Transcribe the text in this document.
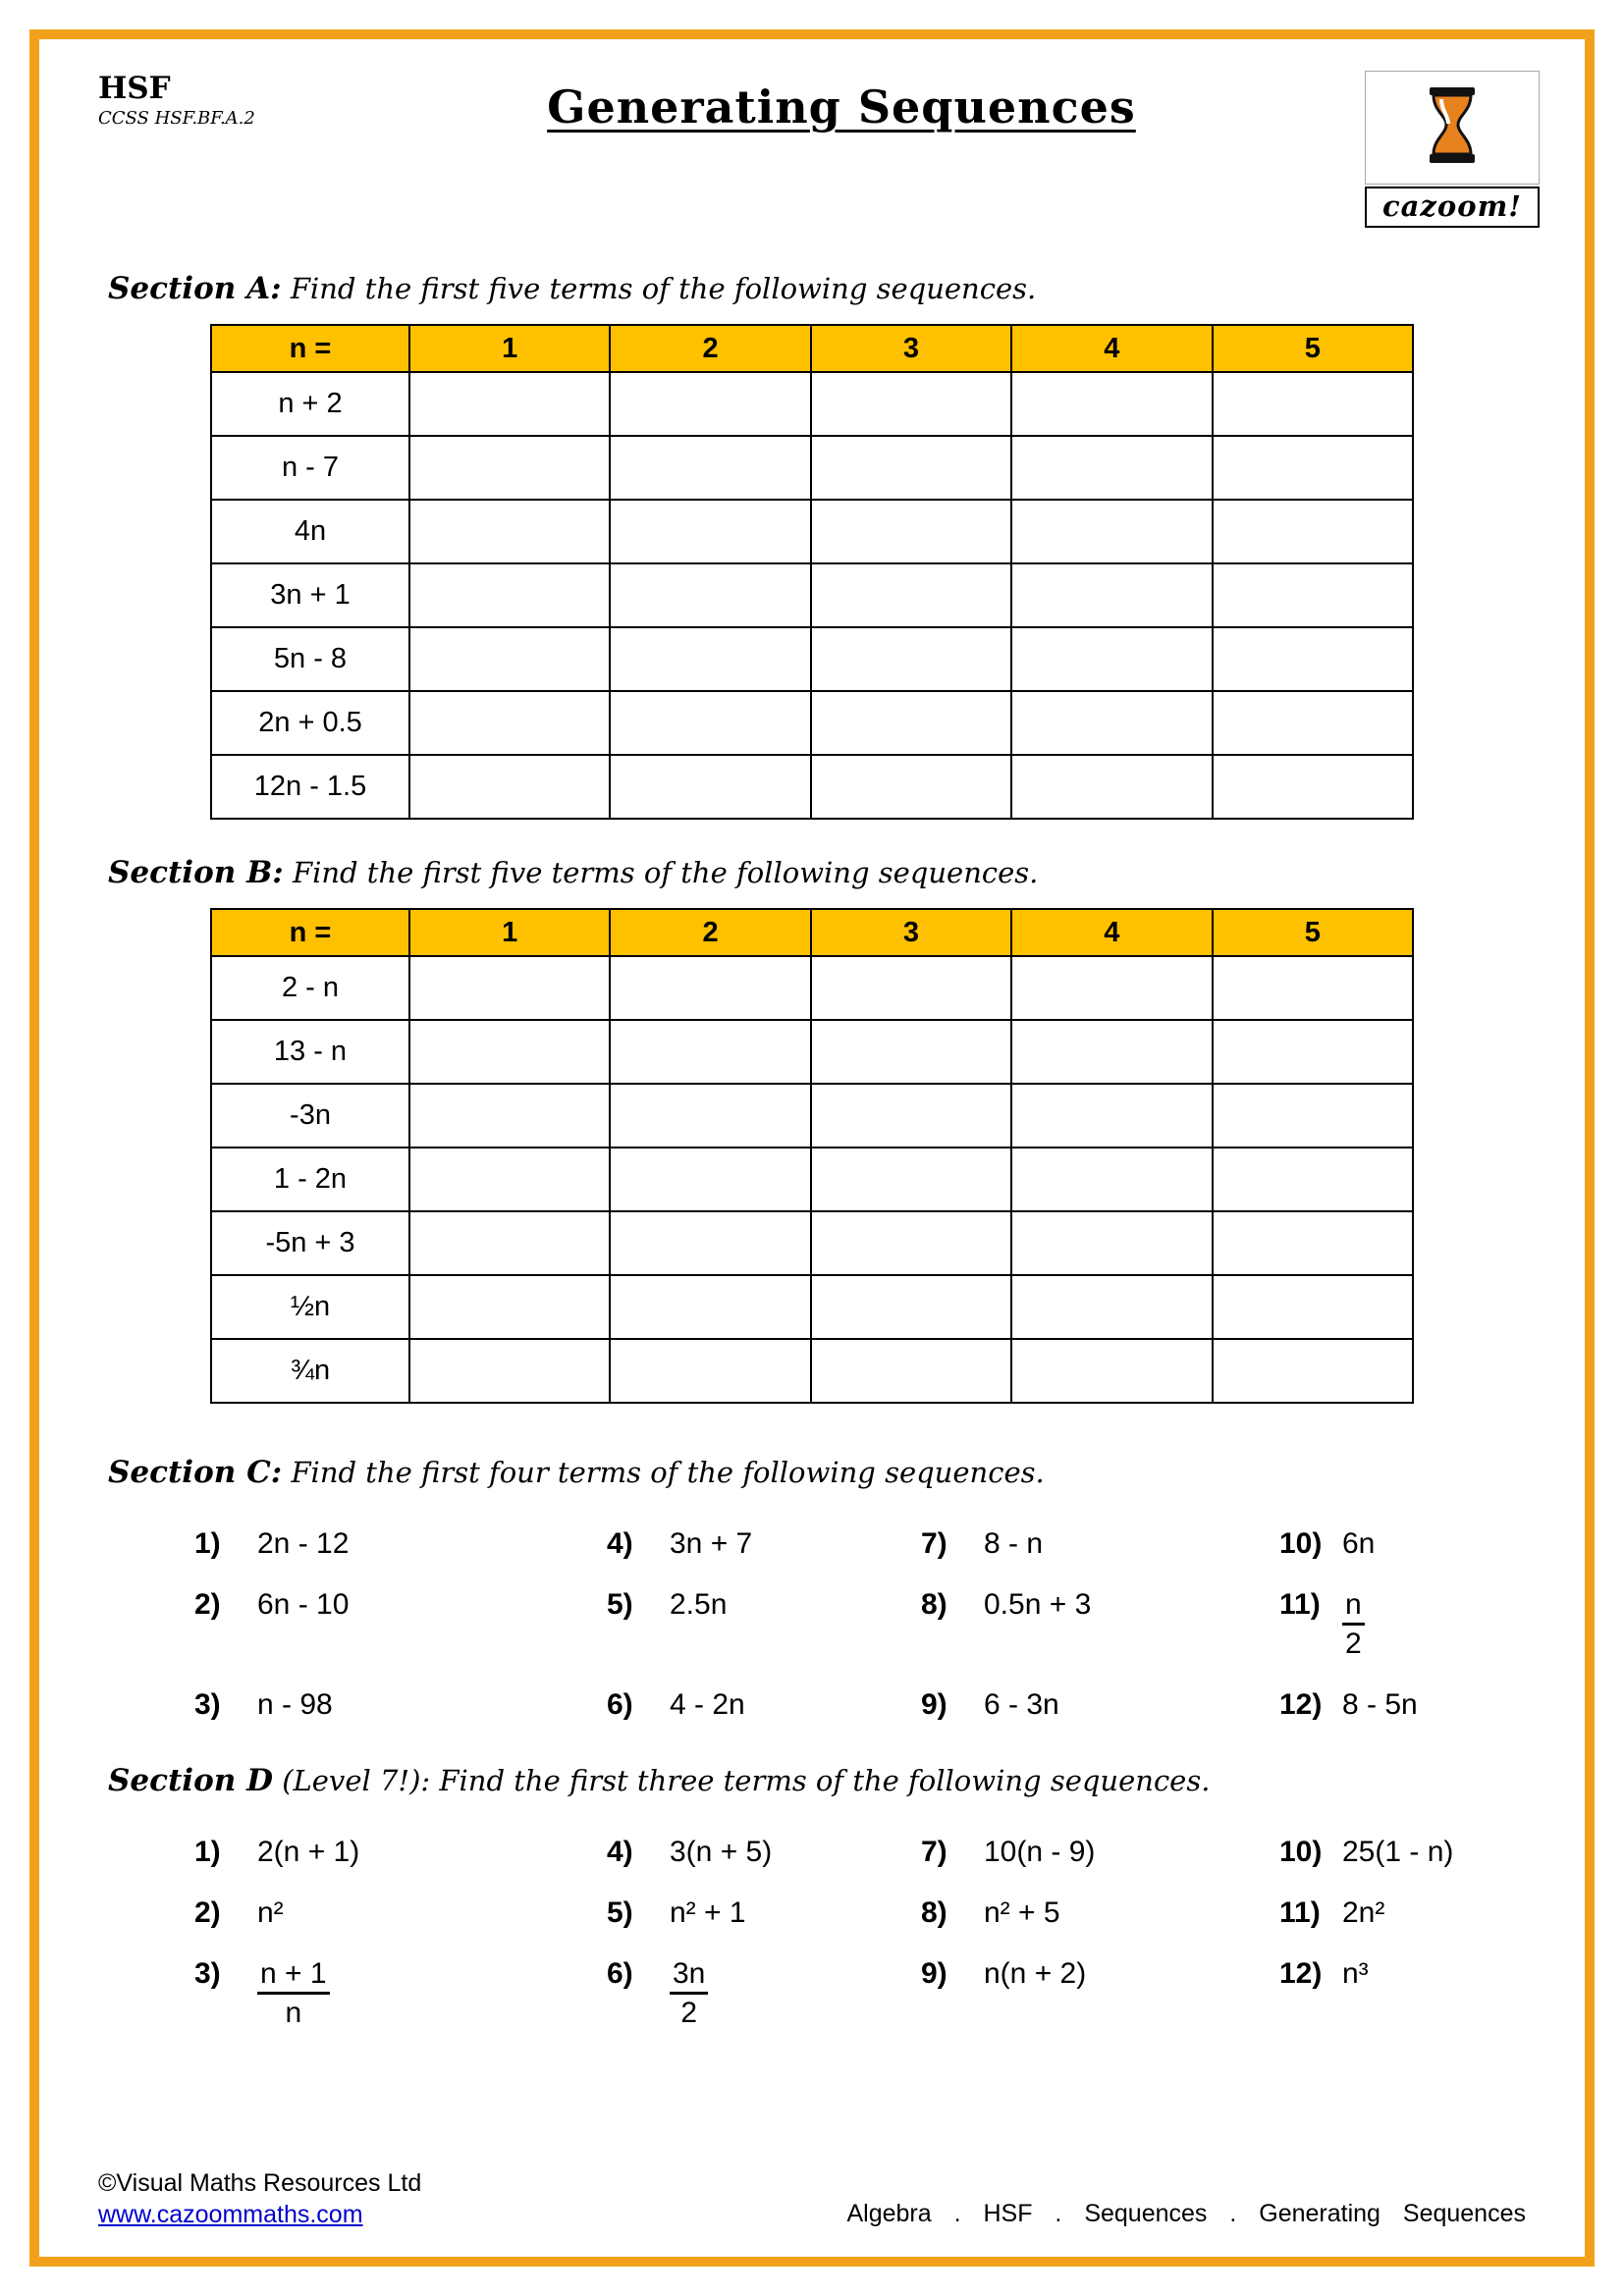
HSF
CCSS HSF.BF.A.2	Generating Sequences
cazoom!
Section A: Find the first five terms of the following sequences.
n =	1	2	3	4	5
n + 2					
n - 7					
4n					
3n + 1					
5n - 8					
2n + 0.5					
12n - 1.5					
Section B: Find the first five terms of the following sequences.
n =	1	2	3	4	5
2 - n					
13 - n					
-3n					
1 - 2n					
-5n + 3					
½n					
¾n					
Section C: Find the first four terms of the following sequences.
1)	2n - 12
2)	6n - 10
3)	n - 98
4)	3n + 7
5)	2.5n
6)	4 - 2n
7)	8 - n
8)	0.5n + 3
9)	6 - 3n
10) 6n
$11) \frac{n}{2}$
12) 8 - 5n
Section D (Level 7!): Find the first three terms of the following sequences.
1)	2(n + 1)
2)	n²
3)	$\frac{n + 1}{n}$
4)	3(n + 5)
5)	n² + 1
6)	$\frac{3n}{2}$
7)	10(n - 9)
8)	n² + 5
9)	n(n + 2)
10) 25(1 - n)
11) 2n²
12) n³
©Visual Maths Resources Ltd
www.cazoommaths.com	Algebra . HSF . Sequences . Generating Sequences
